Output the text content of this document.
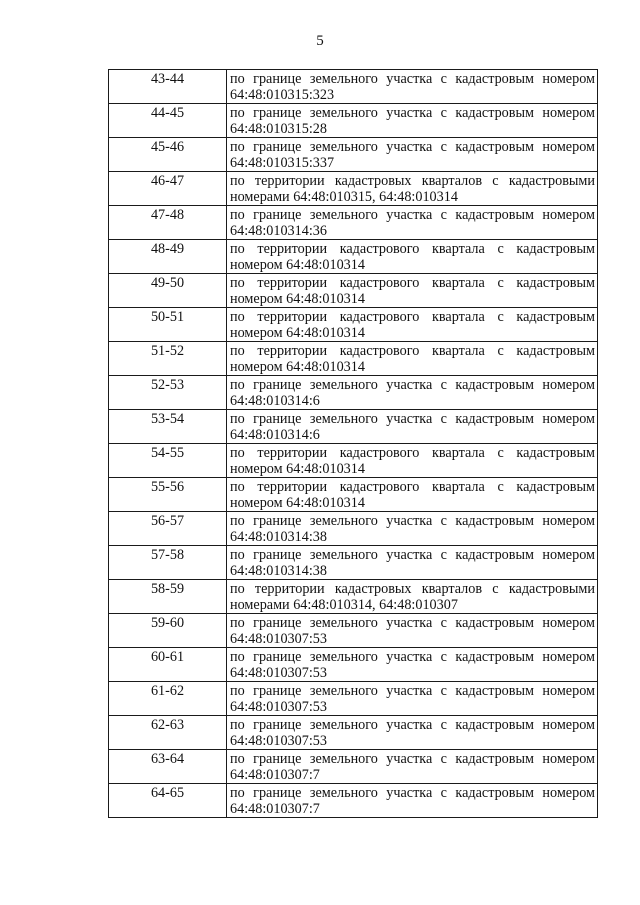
5
43-44	по границе земельного участка с кадастровым номером
64:48:010315:323

44-45	по границе земельного участка с кадастровым номером
64:48:010315:28

45-46	по границе земельного участка с кадастровым номером
64:48:010315:337

46-47	по территории кадастровых кварталов с кадастровыми
номерами 64:48:010315, 64:48:010314

47-48	по границе земельного участка с кадастровым номером
64:48:010314:36

48-49	по территории кадастрового квартала с кадастровым
номером 64:48:010314

49-50	по территории кадастрового квартала с кадастровым
номером 64:48:010314

50-51	по территории кадастрового квартала с кадастровым
номером 64:48:010314

51-52	по территории кадастрового квартала с кадастровым
номером 64:48:010314

52-53	по границе земельного участка с кадастровым номером
64:48:010314:6

53-54	по границе земельного участка с кадастровым номером
64:48:010314:6

54-55	по территории кадастрового квартала с кадастровым
номером 64:48:010314

55-56	по территории кадастрового квартала с кадастровым
номером 64:48:010314

56-57	по границе земельного участка с кадастровым номером
64:48:010314:38

57-58	по границе земельного участка с кадастровым номером
64:48:010314:38

58-59	по территории кадастровых кварталов с кадастровыми
номерами 64:48:010314, 64:48:010307

59-60	по границе земельного участка с кадастровым номером
64:48:010307:53

60-61	по границе земельного участка с кадастровым номером
64:48:010307:53

61-62	по границе земельного участка с кадастровым номером
64:48:010307:53

62-63	по границе земельного участка с кадастровым номером
64:48:010307:53

63-64	по границе земельного участка с кадастровым номером
64:48:010307:7

64-65	по границе земельного участка с кадастровым номером
64:48:010307:7
